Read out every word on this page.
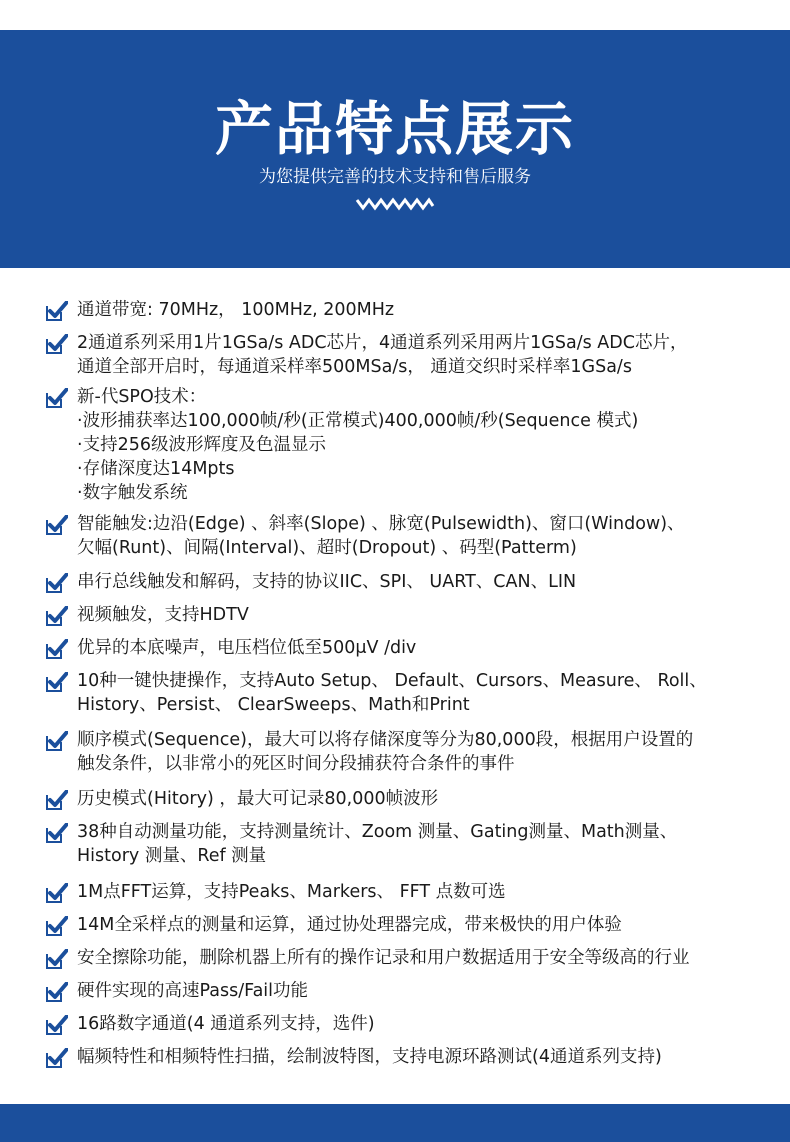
产品特点展示
为您提供完善的技术支持和售后服务
通道带宽: 70MHz， 100MHz, 200MHz
2通道系列采用1片1GSa/s ADC芯片，4通道系列采用两片1GSa/s ADC芯片，
通道全部开启时，每通道采样率500MSa/s， 通道交织时采样率1GSa/s
新-代SPO技术：
·波形捕获率达100,000帧/秒(正常模式)400,000帧/秒(Sequence 模式)
·支持256级波形辉度及色温显示
·存储深度达14Mpts
·数字触发系统
智能触发:边沿(Edge) 、斜率(Slope) 、脉宽(Pulsewidth)、窗口(Window)、
欠幅(Runt)、间隔(Interval)、超时(Dropout) 、码型(Patterm)
串行总线触发和解码，支持的协议IIC、SPI、 UART、CAN、LIN
视频触发，支持HDTV
优异的本底噪声，电压档位低至500μV /div
10种一键快捷操作，支持Auto Setup、 Default、Cursors、Measure、 Roll、
History、Persist、 ClearSweeps、Math和Print
顺序模式(Sequence)，最大可以将存储深度等分为80,000段，根据用户设置的
触发条件，以非常小的死区时间分段捕获符合条件的事件
历史模式(Hitory) ，最大可记录80,000帧波形
38种自动测量功能，支持测量统计、Zoom 测量、Gating测量、Math测量、
History 测量、Ref 测量
1M点FFT运算，支持Peaks、Markers、 FFT 点数可选
14M全采样点的测量和运算，通过协处理器完成，带来极快的用户体验
安全擦除功能，删除机器上所有的操作记录和用户数据适用于安全等级高的行业
硬件实现的高速Pass/Fail功能
16路数字通道(4 通道系列支持，选件)
幅频特性和相频特性扫描，绘制波特图，支持电源环路测试(4通道系列支持)
